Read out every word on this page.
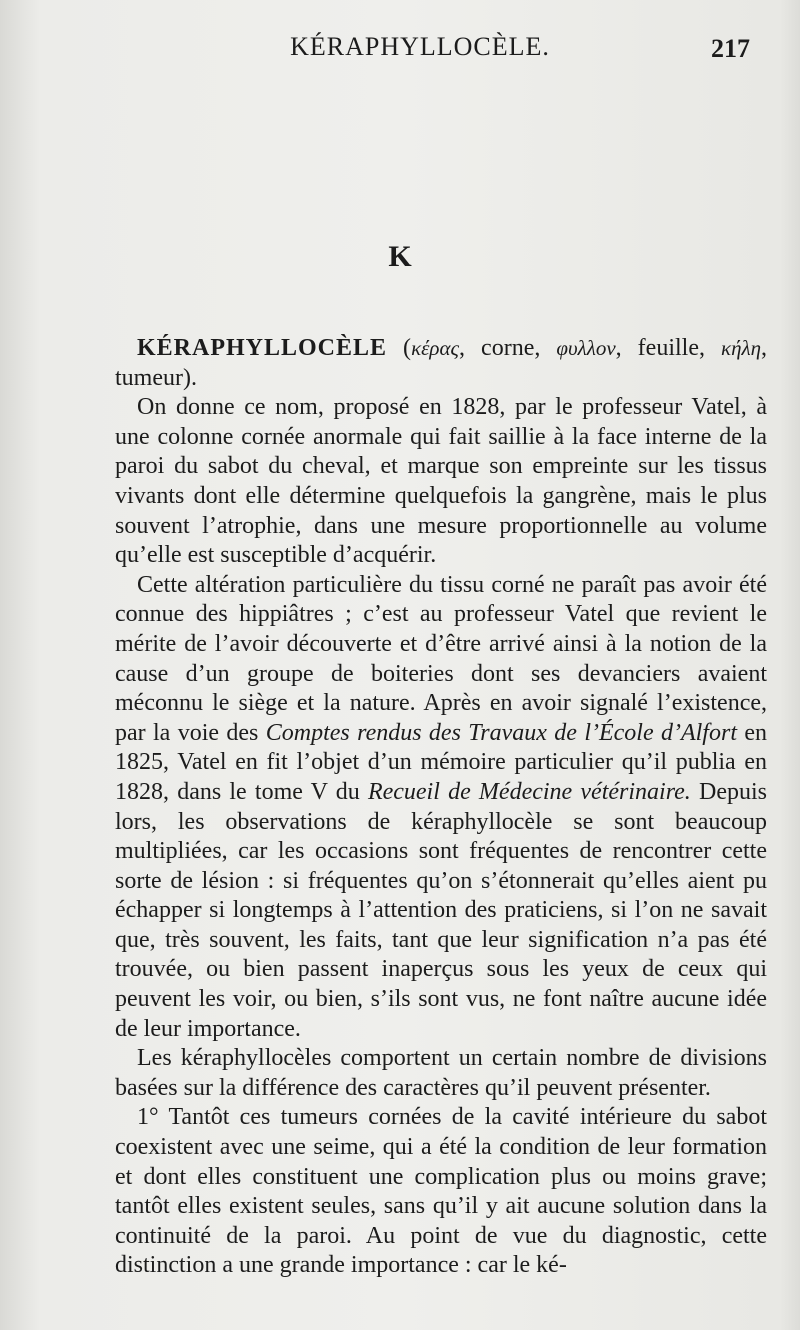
KÉRAPHYLLOCÈLE.	217
K

KÉRAPHYLLOCÈLE (κέρας, corne, φυλλον, feuille, κήλη, tumeur).

On donne ce nom, proposé en 1828, par le professeur Vatel, à une colonne cornée anormale qui fait saillie à la face interne de la paroi du sabot du cheval, et marque son empreinte sur les tissus vivants dont elle détermine quelquefois la gangrène, mais le plus souvent l’atrophie, dans une mesure proportionnelle au volume qu’elle est susceptible d’acquérir.

Cette altération particulière du tissu corné ne paraît pas avoir été connue des hippiâtres ; c’est au professeur Vatel que revient le mérite de l’avoir découverte et d’être arrivé ainsi à la notion de la cause d’un groupe de boiteries dont ses devanciers avaient méconnu le siège et la nature. Après en avoir signalé l’existence, par la voie des Comptes rendus des Travaux de l’École d’Alfort en 1825, Vatel en fit l’objet d’un mémoire particulier qu’il publia en 1828, dans le tome V du Recueil de Médecine vétérinaire. Depuis lors, les observations de kéraphyllocèle se sont beaucoup multipliées, car les occasions sont fréquentes de rencontrer cette sorte de lésion : si fréquentes qu’on s’étonnerait qu’elles aient pu échapper si longtemps à l’attention des praticiens, si l’on ne savait que, très souvent, les faits, tant que leur signification n’a pas été trouvée, ou bien passent inaperçus sous les yeux de ceux qui peuvent les voir, ou bien, s’ils sont vus, ne font naître aucune idée de leur importance.

Les kéraphyllocèles comportent un certain nombre de divisions basées sur la différence des caractères qu’il peuvent présenter.

1° Tantôt ces tumeurs cornées de la cavité intérieure du sabot coexistent avec une seime, qui a été la condition de leur formation et dont elles constituent une complication plus ou moins grave; tantôt elles existent seules, sans qu’il y ait aucune solution dans la continuité de la paroi. Au point de vue du diagnostic, cette distinction a une grande importance : car le ké-
